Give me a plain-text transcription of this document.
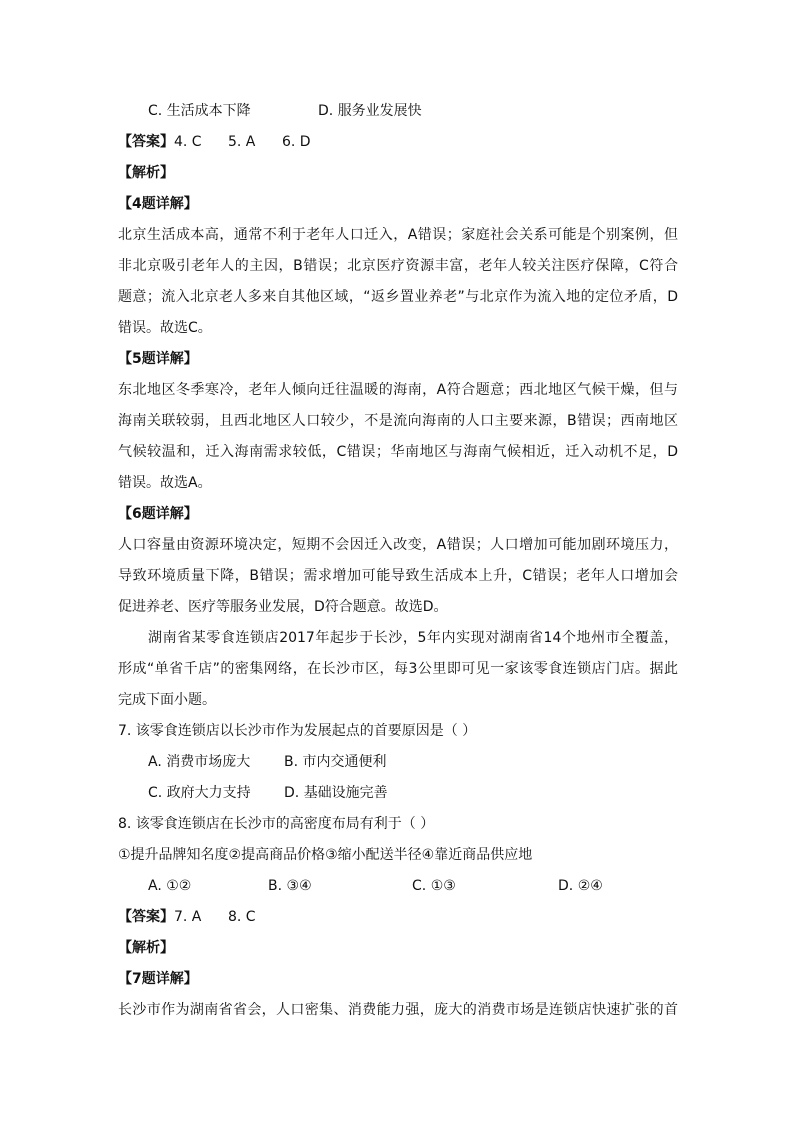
C. 生活成本下降	D. 服务业发展快
【答案】4. C 5. A 6. D
【解析】
【4题详解】
北京生活成本高，通常不利于老年人口迁入，A错误；家庭社会关系可能是个别案例，但
非北京吸引老年人的主因，B错误；北京医疗资源丰富，老年人较关注医疗保障，C符合
题意；流入北京老人多来自其他区域，“返乡置业养老”与北京作为流入地的定位矛盾，D
错误。故选C。
【5题详解】
东北地区冬季寒冷，老年人倾向迁往温暖的海南，A符合题意；西北地区气候干燥，但与
海南关联较弱，且西北地区人口较少，不是流向海南的人口主要来源，B错误；西南地区
气候较温和，迁入海南需求较低，C错误；华南地区与海南气候相近，迁入动机不足，D
错误。故选A。
【6题详解】
人口容量由资源环境决定，短期不会因迁入改变，A错误；人口增加可能加剧环境压力，
导致环境质量下降，B错误；需求增加可能导致生活成本上升，C错误；老年人口增加会
促进养老、医疗等服务业发展，D符合题意。故选D。
湖南省某零食连锁店2017年起步于长沙，5年内实现对湖南省14个地州市全覆盖，
形成“单省千店”的密集网络，在长沙市区，每3公里即可见一家该零食连锁店门店。据此
完成下面小题。
7. 该零食连锁店以长沙市作为发展起点的首要原因是（ ）
A. 消费市场庞大 B. 市内交通便利
C. 政府大力支持 D. 基础设施完善
8. 该零食连锁店在长沙市的高密度布局有利于（ ）
①提升品牌知名度②提高商品价格③缩小配送半径④靠近商品供应地
A. ①②	B. ③④	C. ①③	D. ②④
【答案】7. A 8. C
【解析】
【7题详解】
长沙市作为湖南省省会，人口密集、消费能力强，庞大的消费市场是连锁店快速扩张的首
